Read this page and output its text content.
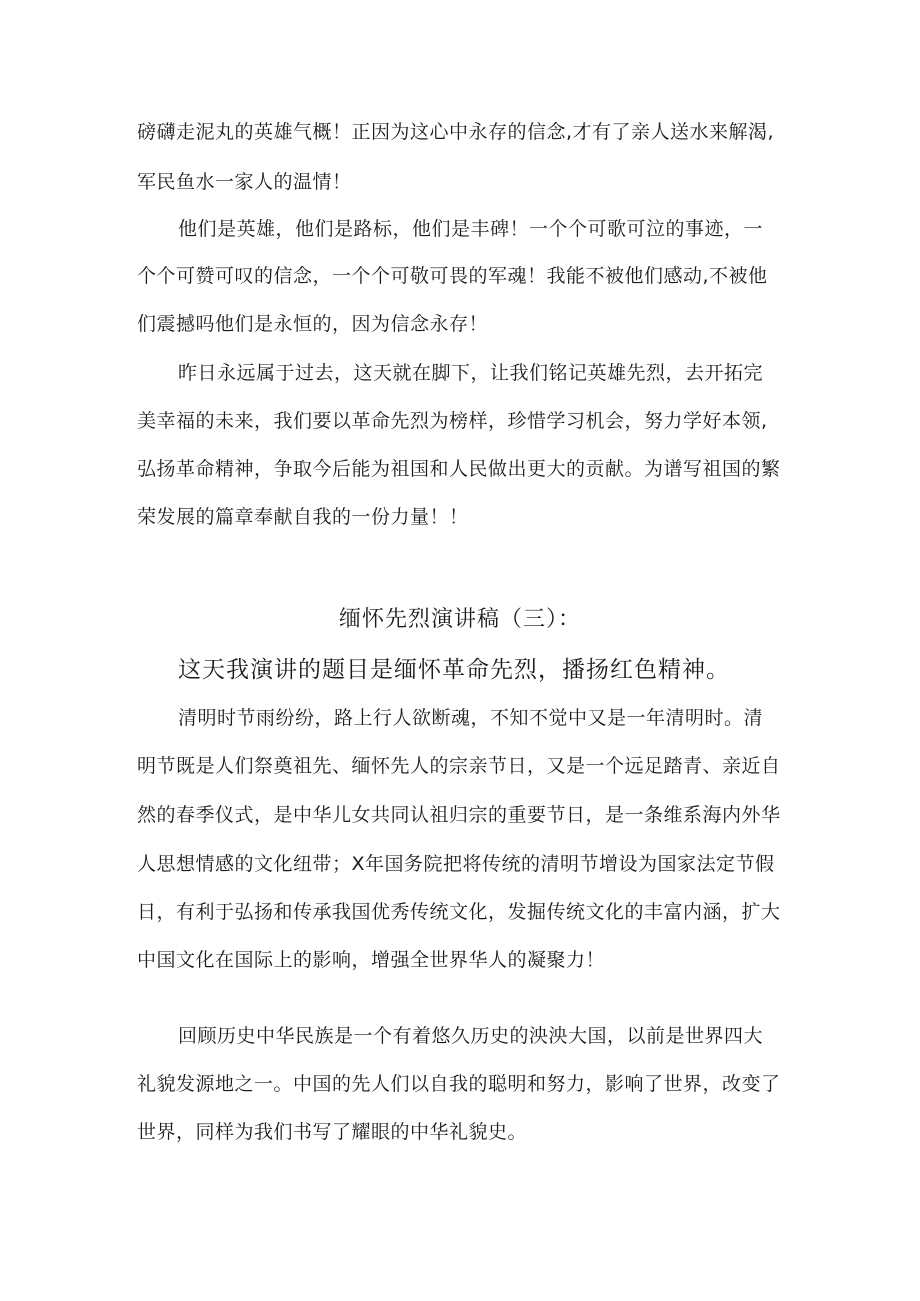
磅礴走泥丸的英雄气概！正因为这心中永存的信念,才有了亲人送水来解渴,
军民鱼水一家人的温情！
他们是英雄，他们是路标，他们是丰碑！一个个可歌可泣的事迹，一
个个可赞可叹的信念，一个个可敬可畏的军魂！我能不被他们感动,不被他
们震撼吗他们是永恒的，因为信念永存！
昨日永远属于过去，这天就在脚下，让我们铭记英雄先烈，去开拓完
美幸福的未来，我们要以革命先烈为榜样，珍惜学习机会，努力学好本领,
弘扬革命精神，争取今后能为祖国和人民做出更大的贡献。为谱写祖国的繁
荣发展的篇章奉献自我的一份力量！！
缅怀先烈演讲稿（三）：
这天我演讲的题目是缅怀革命先烈，播扬红色精神。
清明时节雨纷纷，路上行人欲断魂，不知不觉中又是一年清明时。清
明节既是人们祭奠祖先、缅怀先人的宗亲节日，又是一个远足踏青、亲近自
然的春季仪式，是中华儿女共同认祖归宗的重要节日，是一条维系海内外华
人思想情感的文化纽带；X年国务院把将传统的清明节增设为国家法定节假
日，有利于弘扬和传承我国优秀传统文化，发掘传统文化的丰富内涵，扩大
中国文化在国际上的影响，增强全世界华人的凝聚力！
回顾历史中华民族是一个有着悠久历史的泱泱大国，以前是世界四大
礼貌发源地之一。中国的先人们以自我的聪明和努力，影响了世界，改变了
世界，同样为我们书写了耀眼的中华礼貌史。
